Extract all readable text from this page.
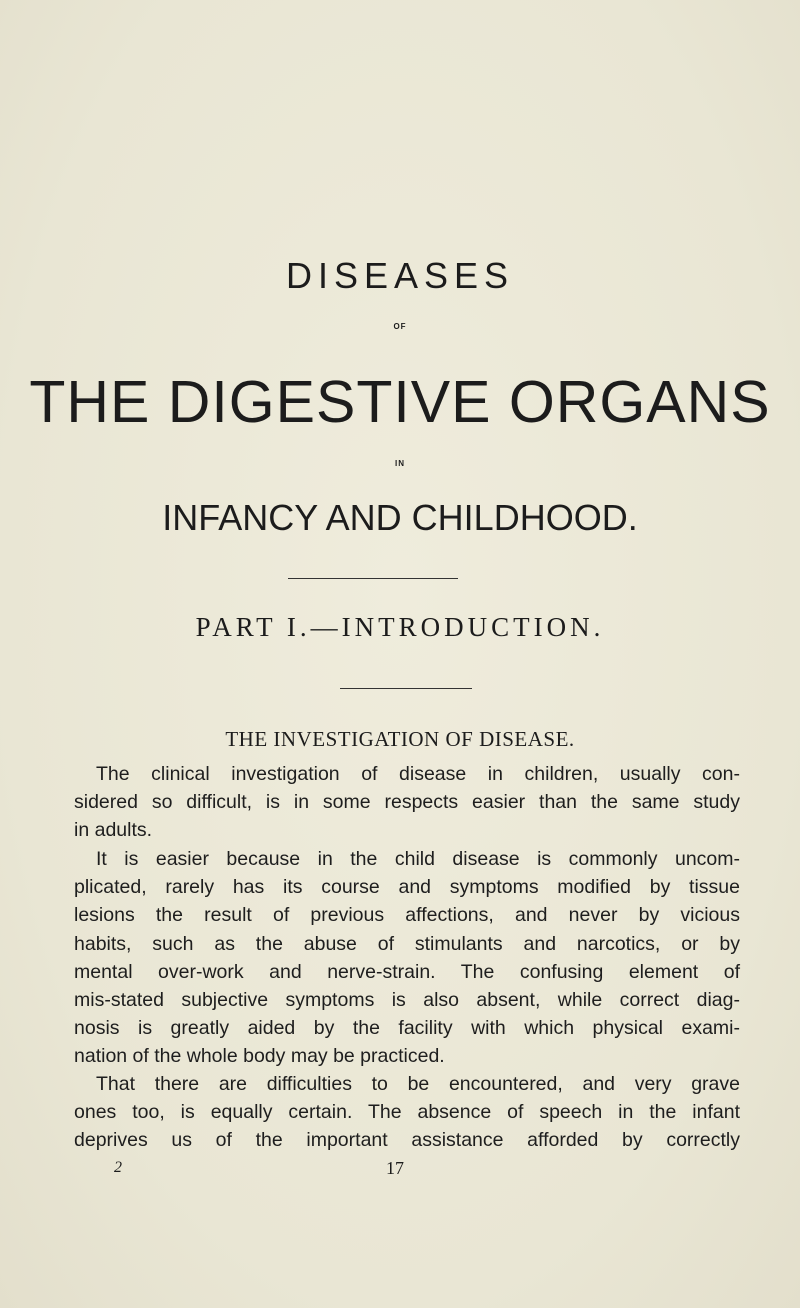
DISEASES
OF
THE DIGESTIVE ORGANS
IN
INFANCY AND CHILDHOOD.
PART I.—INTRODUCTION.
THE INVESTIGATION OF DISEASE.

The clinical investigation of disease in children, usually con-
sidered so difficult, is in some respects easier than the same study
in adults.

It is easier because in the child disease is commonly uncom-
plicated, rarely has its course and symptoms modified by tissue
lesions the result of previous affections, and never by vicious
habits, such as the abuse of stimulants and narcotics, or by
mental over-work and nerve-strain. The confusing element of
mis-stated subjective symptoms is also absent, while correct diag-
nosis is greatly aided by the facility with which physical exami-
nation of the whole body may be practiced.

That there are difficulties to be encountered, and very grave
ones too, is equally certain. The absence of speech in the infant
deprives us of the important assistance afforded by correctly

2	17
